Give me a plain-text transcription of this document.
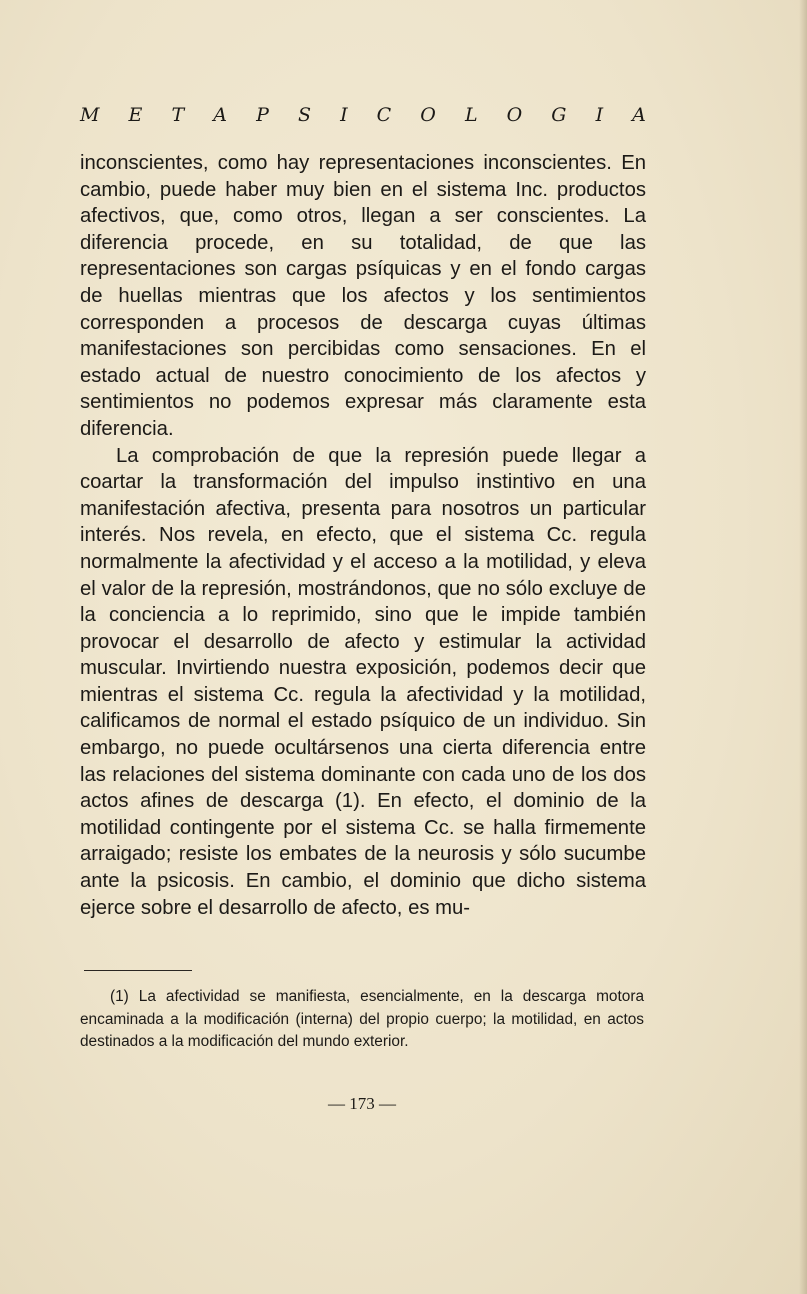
M E T A P S I C O L O G I A

inconscientes, como hay representaciones inconscientes. En cambio, puede haber muy bien en el sistema Inc. productos afectivos, que, como otros, llegan a ser conscientes. La diferencia procede, en su totalidad, de que las representaciones son cargas psíquicas y en el fondo cargas de huellas mientras que los afectos y los sentimientos corresponden a procesos de descarga cuyas últimas manifestaciones son percibidas como sensaciones. En el estado actual de nuestro conocimiento de los afectos y sentimientos no podemos expresar más claramente esta diferencia.

La comprobación de que la represión puede llegar a coartar la transformación del impulso instintivo en una manifestación afectiva, presenta para nosotros un particular interés. Nos revela, en efecto, que el sistema Cc. regula normalmente la afectividad y el acceso a la motilidad, y eleva el valor de la represión, mostrándonos, que no sólo excluye de la conciencia a lo reprimido, sino que le impide también provocar el desarrollo de afecto y estimular la actividad muscular. Invirtiendo nuestra exposición, podemos decir que mientras el sistema Cc. regula la afectividad y la motilidad, calificamos de normal el estado psíquico de un individuo. Sin embargo, no puede ocultársenos una cierta diferencia entre las relaciones del sistema dominante con cada uno de los dos actos afines de descarga (1). En efecto, el dominio de la motilidad contingente por el sistema Cc. se halla firmemente arraigado; resiste los embates de la neurosis y sólo sucumbe ante la psicosis. En cambio, el dominio que dicho sistema ejerce sobre el desarrollo de afecto, es mu-

(1) La afectividad se manifiesta, esencialmente, en la descarga motora encaminada a la modificación (interna) del propio cuerpo; la motilidad, en actos destinados a la modificación del mundo exterior.

— 173 —
